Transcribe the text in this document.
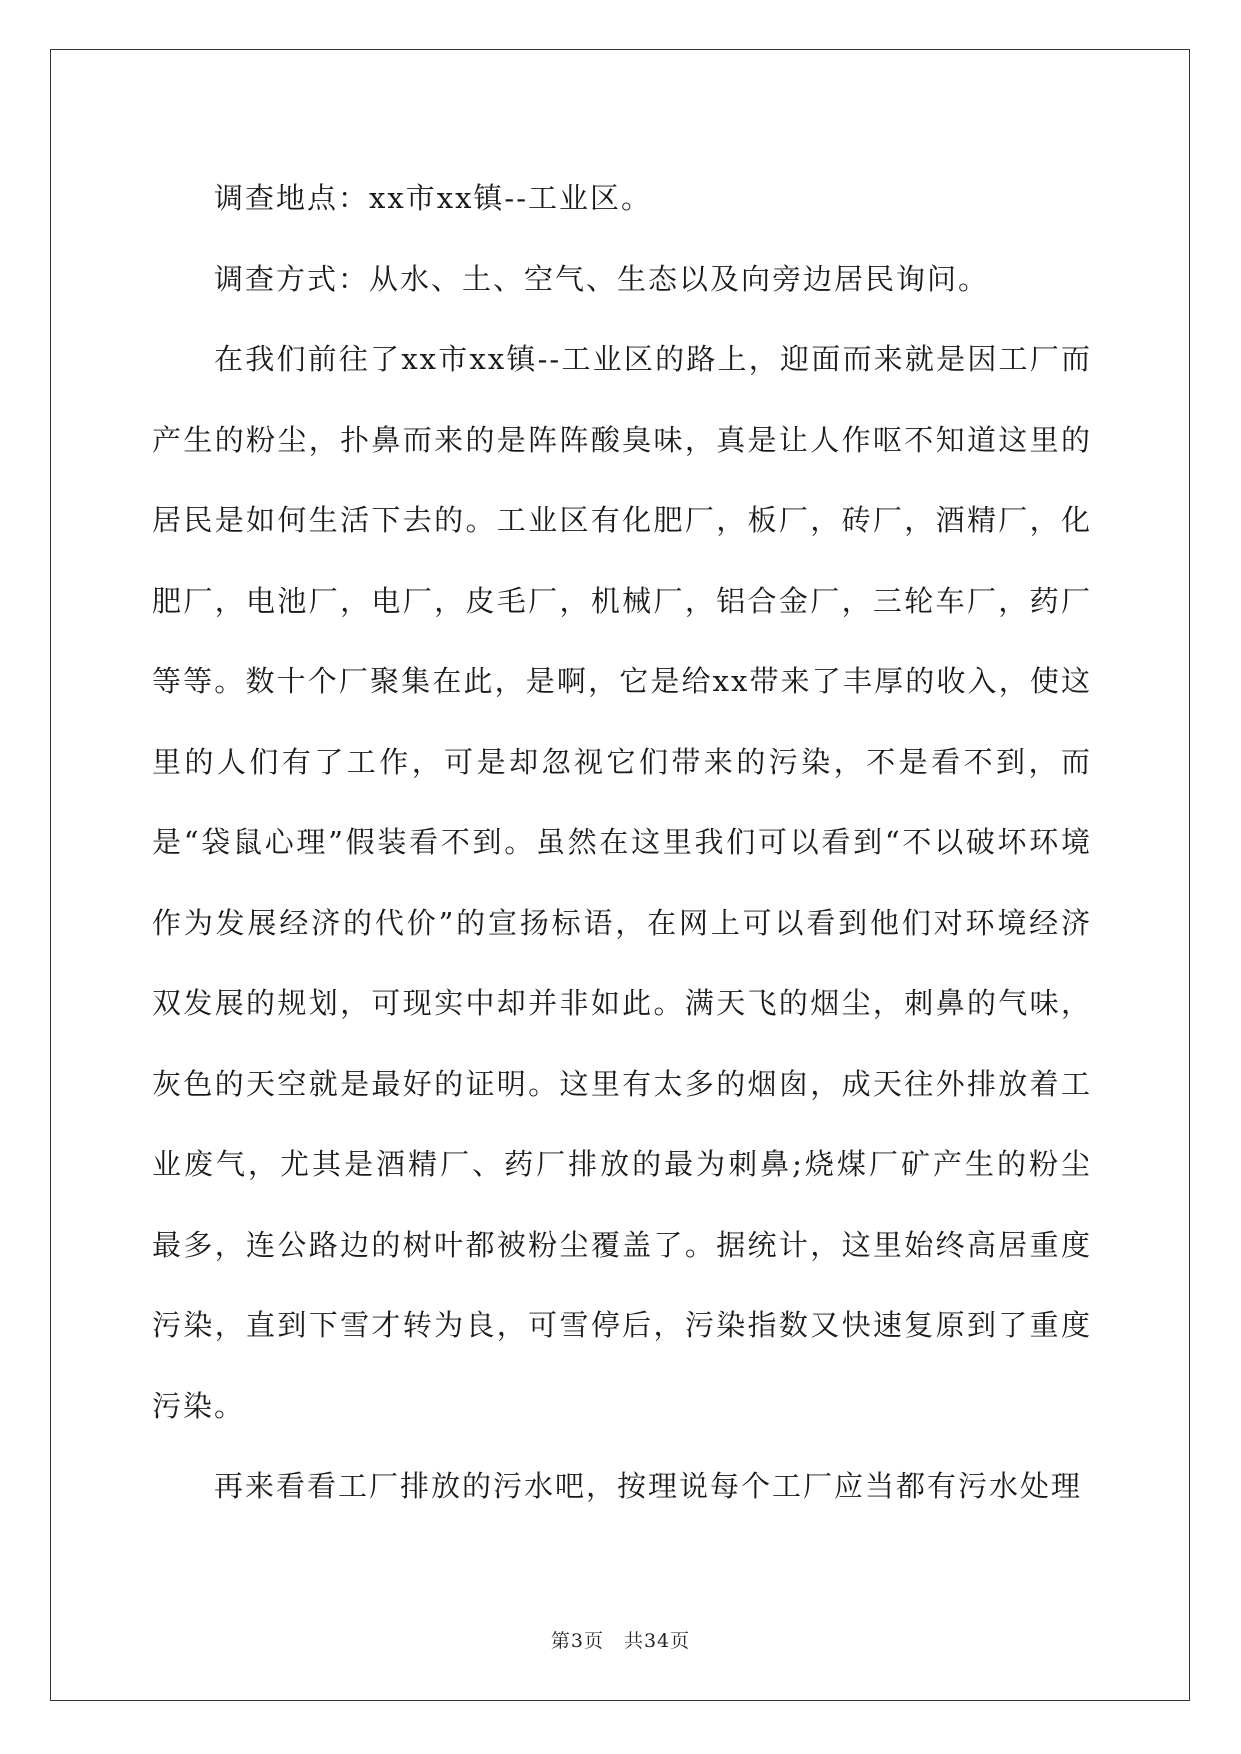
调查地点：xx市xx镇--工业区。

调查方式：从水、土、空气、生态以及向旁边居民询问。

在我们前往了xx市xx镇--工业区的路上，迎面而来就是因工厂而产生的粉尘，扑鼻而来的是阵阵酸臭味，真是让人作呕不知道这里的居民是如何生活下去的。工业区有化肥厂，板厂，砖厂，酒精厂，化肥厂，电池厂，电厂，皮毛厂，机械厂，铝合金厂，三轮车厂，药厂等等。数十个厂聚集在此，是啊，它是给xx带来了丰厚的收入，使这里的人们有了工作，可是却忽视它们带来的污染，不是看不到，而是“袋鼠心理”假装看不到。虽然在这里我们可以看到“不以破坏环境作为发展经济的代价”的宣扬标语，在网上可以看到他们对环境经济双发展的规划，可现实中却并非如此。满天飞的烟尘，刺鼻的气味，灰色的天空就是最好的证明。这里有太多的烟囱，成天往外排放着工业废气，尤其是酒精厂、药厂排放的最为刺鼻;烧煤厂矿产生的粉尘最多，连公路边的树叶都被粉尘覆盖了。据统计，这里始终高居重度污染，直到下雪才转为良，可雪停后，污染指数又快速复原到了重度污染。

再来看看工厂排放的污水吧，按理说每个工厂应当都有污水处理

第3页　共34页
